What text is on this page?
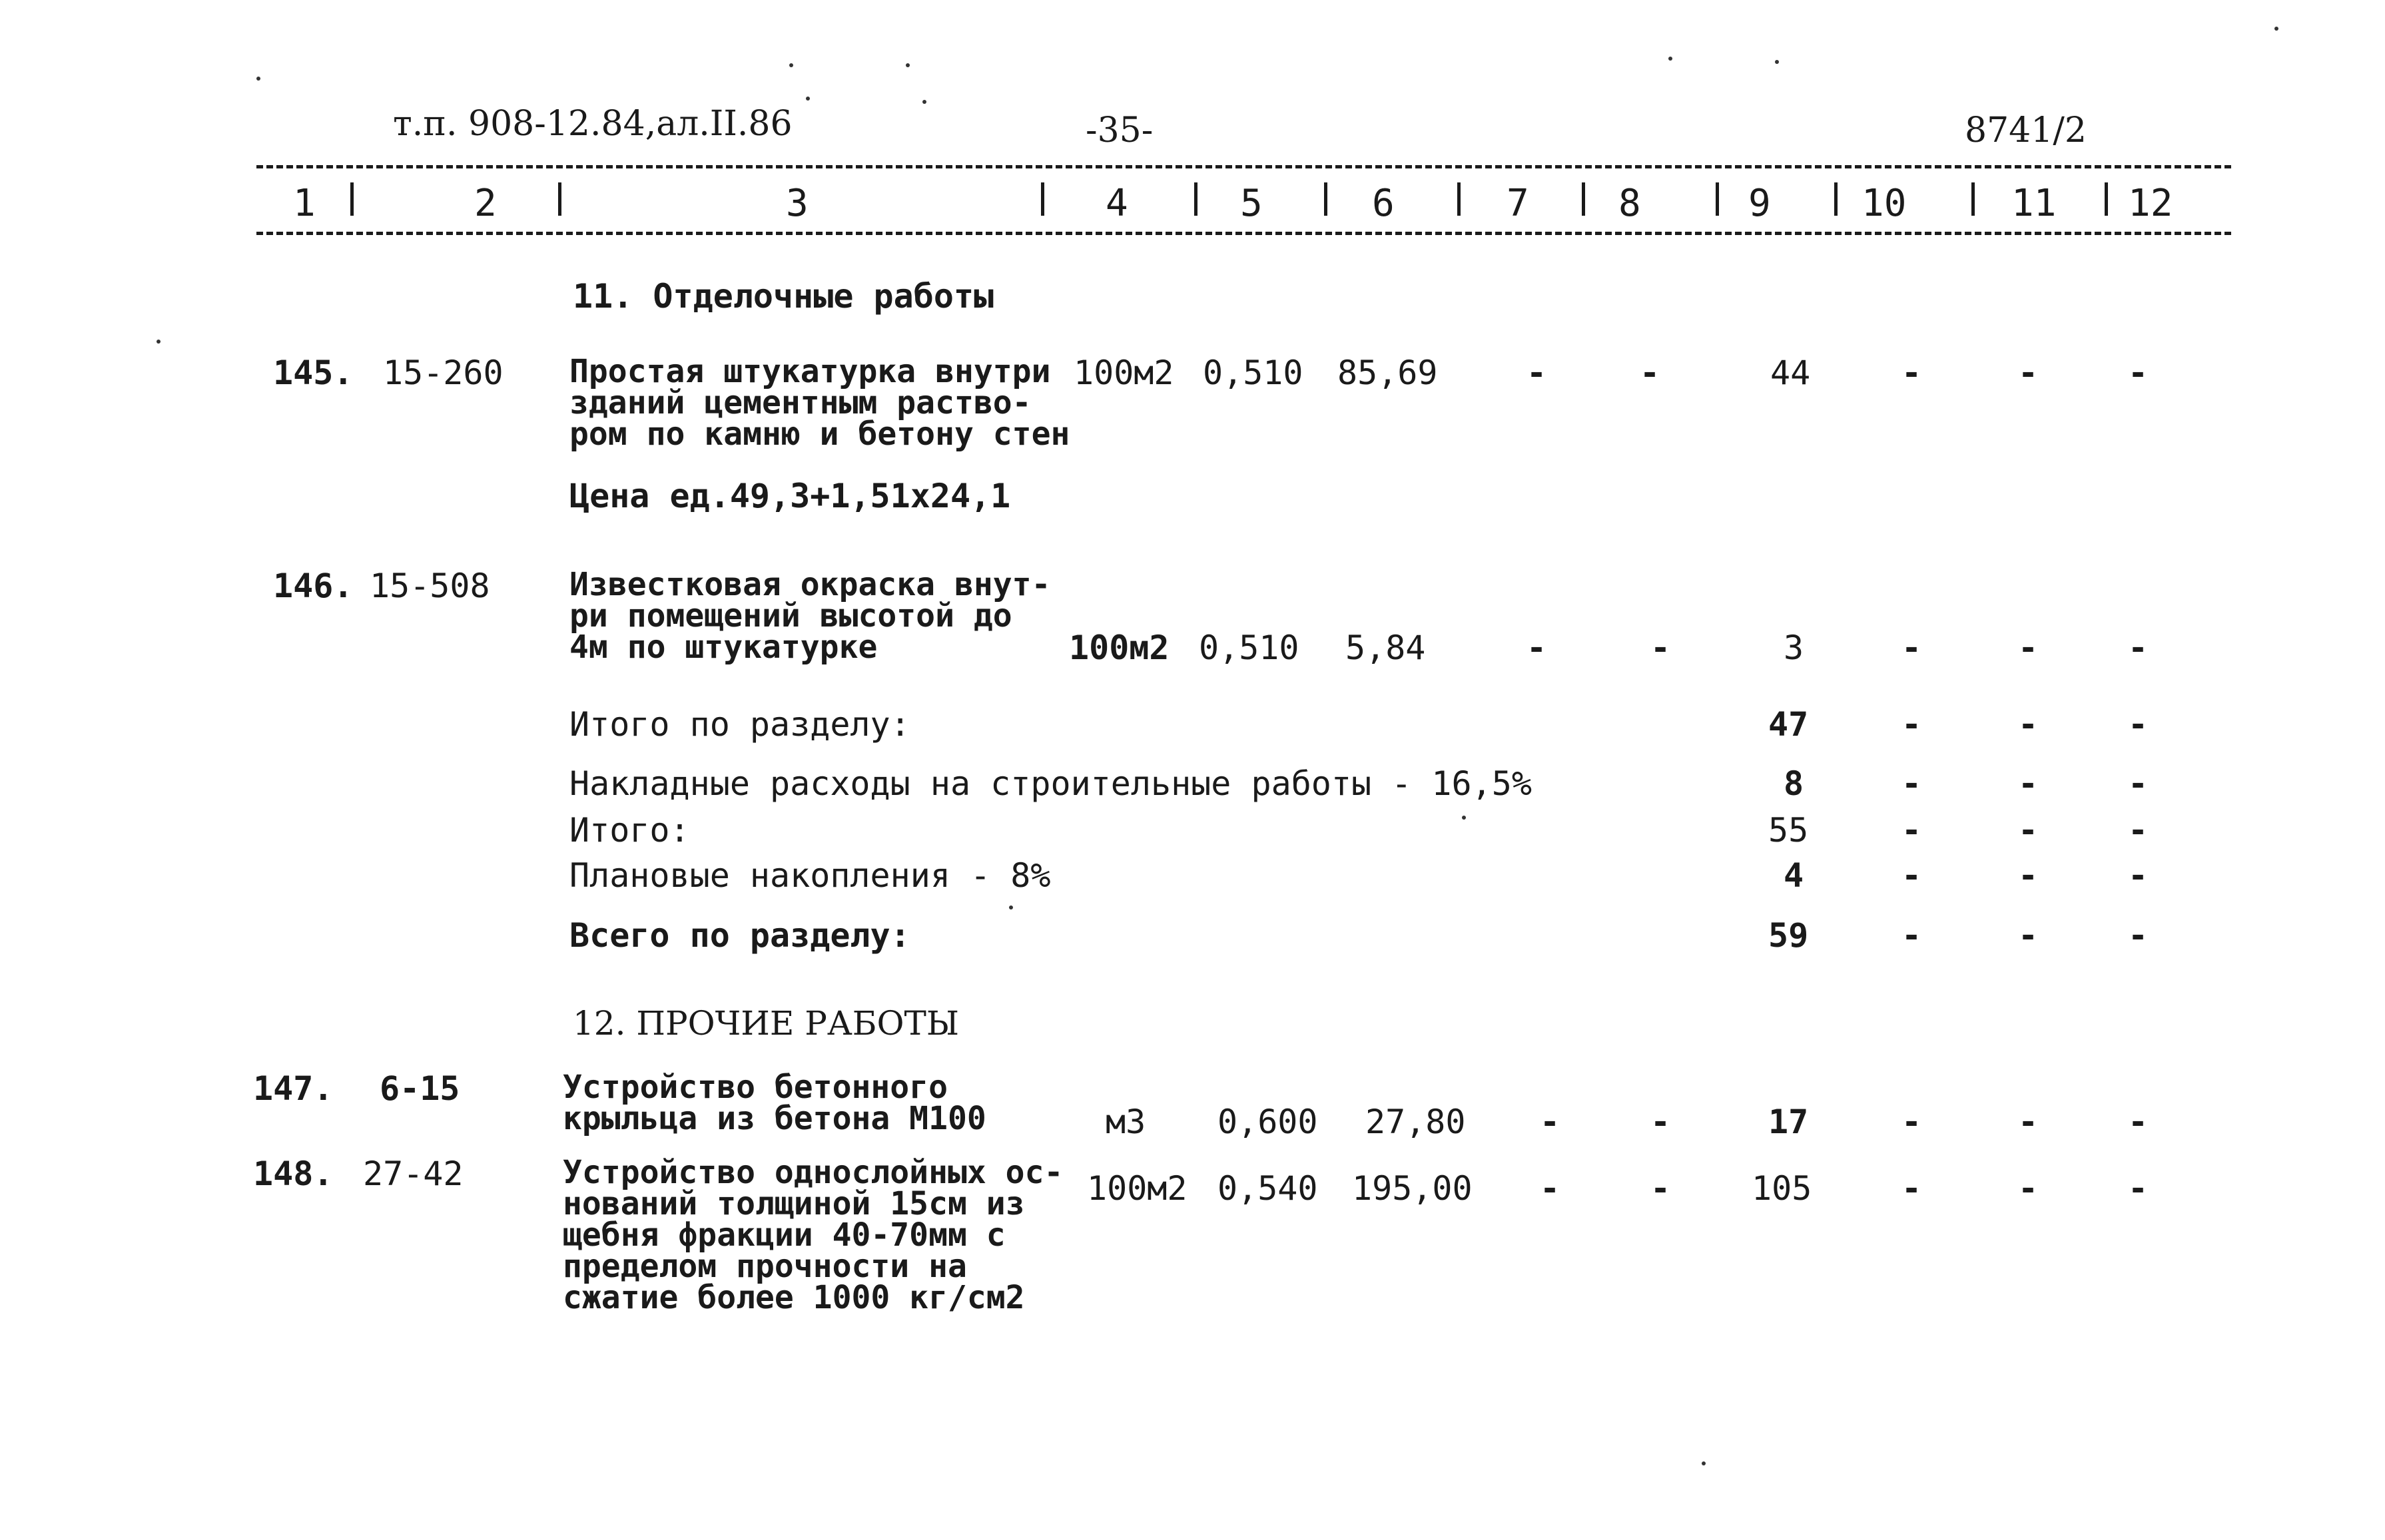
т.п. 908-12.84,ал.II.86	-35-	8741/2
1	2	3	4	5	6	7 8	9 10	11 12
11. Отделочные работы
145. 15-260 Простая штукатурка внутри
зданий цементным раство-
ром по камню и бетону стен
100м2 0,510 85,69	-	-	44	-	-	-
Цена ед.49,3+1,51х24,1
146. 15-508 Известковая окраска внут-
ри помещений высотой до
4м по штукатурке	100м2 0,510 5,84	-	-	3	-	-	-
Итого по разделу:	47	-	-	-
Накладные расходы на строительные работы - 16,5%	8	-	-	-
Итого:	55	-	-	-
Плановые накопления - 8%	4	-	-	-
Всего по разделу:	59	-	-	-
12. ПРОЧИЕ РАБОТЫ
147. 6-15	Устройство бетонного
крыльца из бетона М100	м3 0,600 27,80 -	-	17	-	-	-
148. 27-42	Устройство однослойных ос-
нований толщиной 15см из
щебня фракции 40-70мм с
пределом прочности на
сжатие более 1000 кг/см2
100м2 0,540 195,00 -	- 105	-	-	-
